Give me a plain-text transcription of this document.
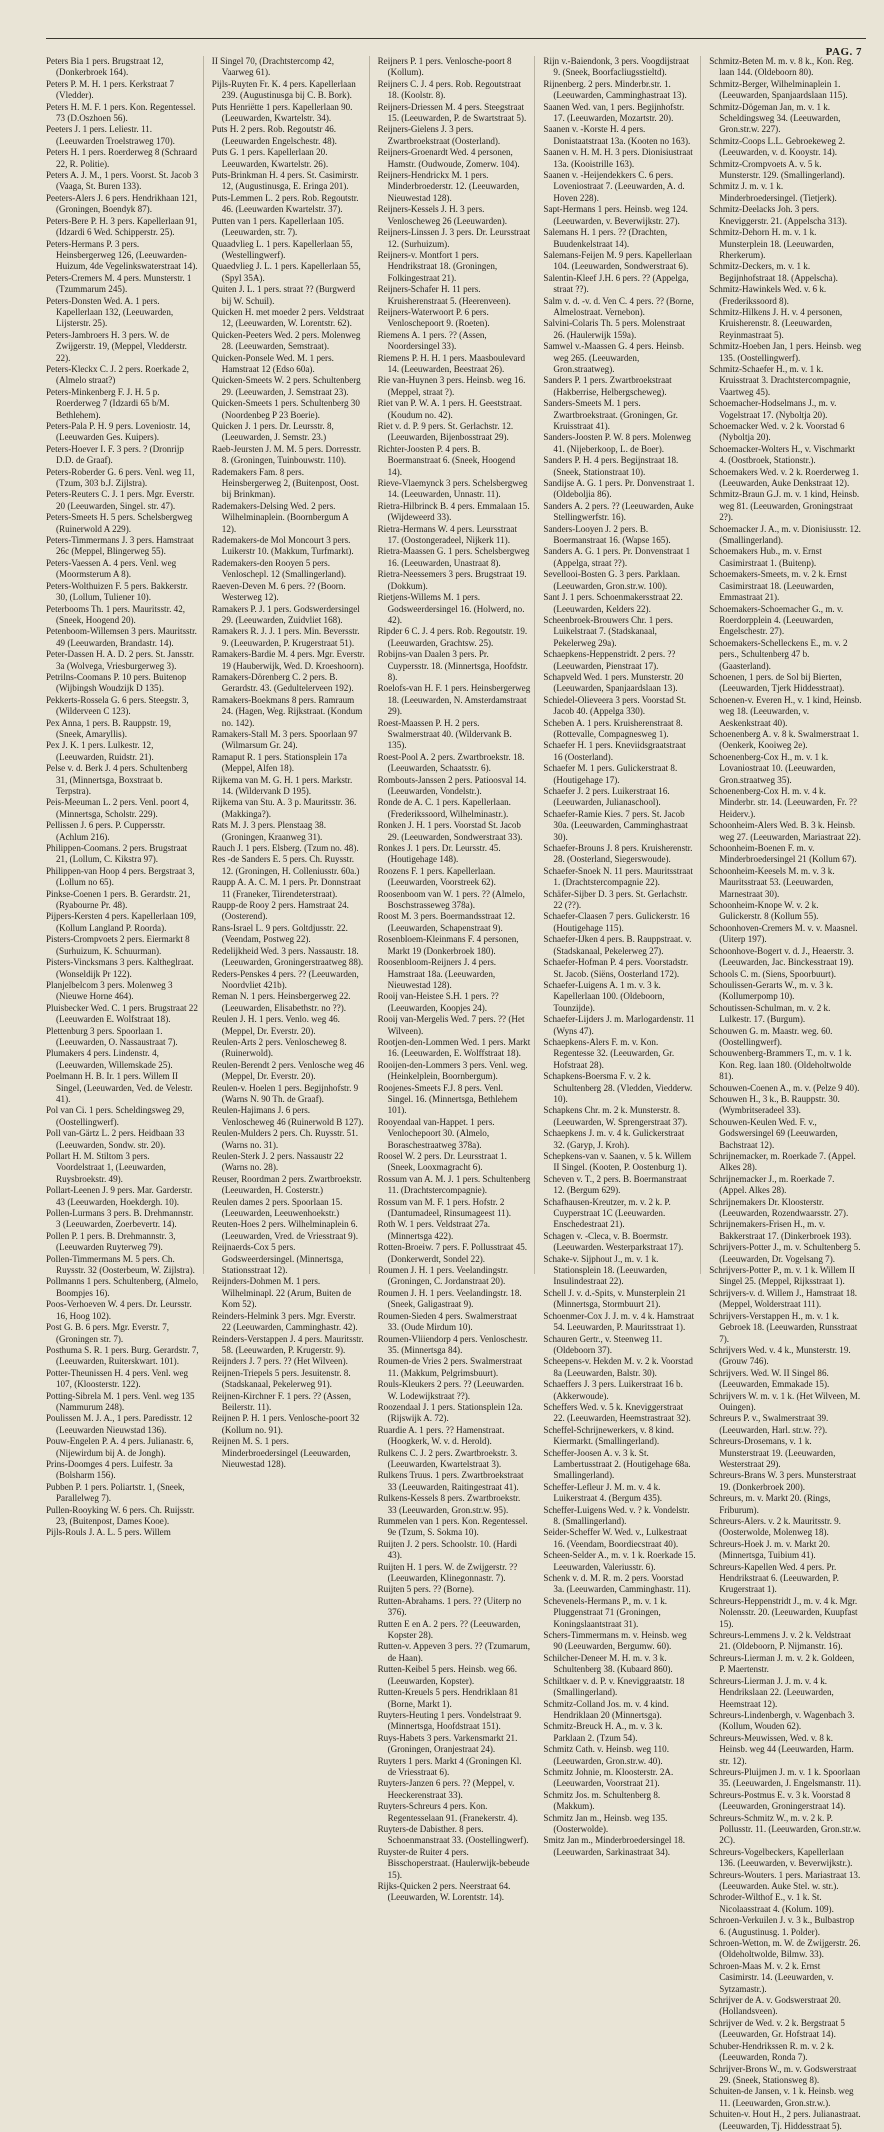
PAG. 7

Peters Bia 1 pers. Brugstraat 12, (Donkerbroek 164).

Peters P. M. H. 1 pers. Kerkstraat 7 (Vledder).

Peters H. M. F. 1 pers. Kon. Regentessel. 73 (D.Oszhoen 56).

Peeters J. 1 pers. Leliestr. 11. (Leeuwarden Troelstraweg 170).

Peters H. 1 pers. Roerderweg 8 (Schraard 22, R. Politie).

Peters A. J. M., 1 pers. Voorst. St. Jacob 3 (Vaaga, St. Buren 133).

Peeters-Alers J. 6 pers. Hendrikhaan 121, (Groningen, Boendyk 87).

Peters-Bere P. H. 3 pers. Kapellerlaan 91, (Idzardi 6 Wed. Schipperstr. 25).

Peters-Hermans P. 3 pers. Heinsbergerweg 126, (Leeuwarden-Huizum, 4de Vegelinkswaterstraat 14).

Peters-Cremers M. 4 pers. Munsterstr. 1 (Tzummarum 245).

Peters-Donsten Wed. A. 1 pers. Kapellerlaan 132, (Leeuwarden, Lijsterstr. 25).

Peters-Jambroers H. 3 pers. W. de Zwijgerstr. 19, (Meppel, Vledderstr. 22).

Peters-Kleckx C. J. 2 pers. Roerkade 2, (Almelo straat?)

Peters-Minkenberg F. J. H. 5 p. Roerderweg 7 (Idzardi 65 b/M. Bethlehem).

Peters-Pala P. H. 9 pers. Loveniostr. 14, (Leeuwarden Ges. Kuipers).

Peters-Hoever I. F. 3 pers. ? (Dronrijp D.D. de Graaf).

Peters-Roberder G. 6 pers. Venl. weg 11, (Tzum, 303 b.J. Zijlstra).

Peters-Reuters C. J. 1 pers. Mgr. Everstr. 20 (Leeuwarden, Singel. str. 47).

Peters-Smeets H. 5 pers. Schelsbergweg (Ruinerwold A 229).

Peters-Timmermans J. 3 pers. Hamstraat 26c (Meppel, Blingerweg 55).

Peters-Vaessen A. 4 pers. Venl. weg (Moormsterum A 8).

Peters-Wolthuizen F. 5 pers. Bakkerstr. 30, (Lollum, Tuliener 10).

Peterbooms Th. 1 pers. Mauritsstr. 42, (Sneek, Hoogend 20).

Petenboom-Willemsen 3 pers. Mauritsstr. 49 (Leeuwarden, Brandastr. 14).

Peter-Dassen H. A. D. 2 pers. St. Jansstr. 3a (Wolvega, Vriesburgerweg 3).

Petrilns-Coomans P. 10 pers. Buitenop (Wijbingsh Woudzijk D 135).

Pekkerts-Rossela G. 6 pers. Steegstr. 3, (Wilderveen C 123).

Pex Anna, 1 pers. B. Rauppstr. 19, (Sneek, Amaryllis).

Pex J. K. 1 pers. Lulkestr. 12, (Leeuwarden, Ruidstr. 21).

Pelse v. d. Berk J. 4 pers. Schultenberg 31, (Minnertsga, Boxstraat b. Terpstra).

Peis-Meeuman L. 2 pers. Venl. poort 4, (Minnertsga, Scholstr. 229).

Pellissen J. 6 pers. P. Cuppersstr. (Achlum 216).

Philippen-Coomans. 2 pers. Brugstraat 21, (Lollum, C. Kikstra 97).

Philippen-van Hoop 4 pers. Bergstraat 3, (Lollum no 65).

Pinkse-Coenen 1 pers. B. Gerardstr. 21, (Ryabourne Pr. 48).

Pijpers-Kersten 4 pers. Kapellerlaan 109, (Kollum Langland P. Roorda).

Pisters-Crompvoets 2 pers. Eiermarkt 8 (Surhuizum, K. Schuurman).

Pisters-Vincksmans 3 pers. Kaltheglraat. (Wonseldijk Pr 122).

Planjelbelcom 3 pers. Molenweg 3 (Nieuwe Horne 464).

Pluisbecker Wed. C. 1 pers. Brugstraat 22 (Leeuwarden E. Wolfstraat 18).

Plettenburg 3 pers. Spoorlaan 1. (Leeuwarden, O. Nassaustraat 7).

Plumakers 4 pers. Lindenstr. 4, (Leeuwarden, Willemskade 25).

Poelmann H. B. Ir. 1 pers. Willem II Singel, (Leeuwarden, Ved. de Velestr. 41).

Pol van Ci. 1 pers. Scheldingsweg 29, (Oostellingwerf).

Poll van-Gärtz L. 2 pers. Heidbaan 33 (Leeuwarden, Sondw. str. 20).

Pollart H. M. Stiltom 3 pers. Voordelstraat 1, (Leeuwarden, Ruysbroekstr. 49).

Pollart-Leenen J. 9 pers. Mar. Garderstr. 43 (Leeuwarden, Hoekdergh. 10).

Pollen-Lurmans 3 pers. B. Drehmannstr. 3 (Leeuwarden, Zoerbevertr. 14).

Pollen P. 1 pers. B. Drehmannstr. 3, (Leeuwarden Ruyterweg 79).

Pollen-Timmermans M. 5 pers. Ch. Ruysstr. 32 (Oosterbeum, W. Zijlstra).

Pollmanns 1 pers. Schultenberg, (Almelo, Boompjes 16).

Poos-Verhoeven W. 4 pers. Dr. Leursstr. 16, Hoog 102).

Post G. B. 6 pers. Mgr. Everstr. 7, (Groningen str. 7).

Posthuma S. R. 1 pers. Burg. Gerardstr. 7, (Leeuwarden, Ruiterskwart. 101).

Potter-Theunissen H. 4 pers. Venl. weg 107, (Kloosterstr. 122).

Potting-Sibrela M. 1 pers. Venl. weg 135 (Nammurum 248).

Poulissen M. J. A., 1 pers. Paredisstr. 12 (Leeuwarden Nieuwstad 136).

Pouw-Engelen P. A. 4 pers. Julianastr. 6, (Nijewirdum bij A. de Jongh).

Prins-Doomges 4 pers. Luifestr. 3a (Bolsharm 156).

Pubben P. 1 pers. Poliartstr. 1, (Sneek, Parallelweg 7).

Pullen-Rooyking W. 6 pers. Ch. Ruijsstr. 23, (Buitenpost, Dames Kooe).

Pijls-Rouls J. A. L. 5 pers. Willem

II Singel 70, (Drachtstercomp 42, Vaarweg 61).

Pijls-Ruyten Fr. K. 4 pers. Kapellerlaan 239. (Augustinusga bij C. B. Bork).

Puts Henriëtte 1 pers. Kapellerlaan 90. (Leeuwarden, Kwartelstr. 34).

Puts H. 2 pers. Rob. Regoutstr 46. (Leeuwarden Engelschestr. 48).

Puts G. 1 pers. Kapellerlaan 20. Leeuwarden, Kwartelstr. 26).

Puts-Brinkman H. 4 pers. St. Casimirstr. 12, (Augustinusga, E. Eringa 201).

Puts-Lemmen L. 2 pers. Rob. Regoutstr. 46. (Leeuwarden Kwartelstr. 37).

Putten van 1 pers. Kapellerlaan 105. (Leeuwarden, str. 7).

Quaadvlieg L. 1 pers. Kapellerlaan 55, (Westellingwerf).

Quaedvlieg J. L. 1 pers. Kapellerlaan 55, (Spyl 35A).

Quiten J. L. 1 pers. straat ?? (Burgwerd bij W. Schuil).

Quicken H. met moeder 2 pers. Veldstraat 12, (Leeuwarden, W. Lorentstr. 62).

Quicken-Peeters Wed. 2 pers. Molenweg 28. (Leeuwarden, Semstraat).

Quicken-Ponsele Wed. M. 1 pers. Hamstraat 12 (Edso 60a).

Quicken-Smeets W. 2 pers. Schultenberg 29. (Leeuwarden, J. Semstraat 23).

Quicken-Smeets 1 pers. Schultenberg 30 (Noordenbeg P 23 Boerie).

Quicken J. 1 pers. Dr. Leursstr. 8, (Leeuwarden, J. Semstr. 23.)

Raeb-Jeursten J. M. M. 5 pers. Dorresstr. 8. (Groningen, Tuinbouwstr. 110).

Rademakers Fam. 8 pers. Heinsbergerweg 2, (Buitenpost, Oost. bij Brinkman).

Rademakers-Delsing Wed. 2 pers. Wilhelminaplein. (Boornbergum A 12).

Rademakers-de Mol Moncourt 3 pers. Luikerstr 10. (Makkum, Turfmarkt).

Rademakers-den Rooyen 5 pers. Venloschepl. 12 (Smallingerland).

Raeven-Deven M. 6 pers. ?? (Boorn. Westerweg 12).

Ramakers P. J. 1 pers. Godswerdersingel 29. (Leeuwarden, Zuidvliet 168).

Ramakers R. J. J. 1 pers. Min. Beversstr. 9. (Leeuwarden, P. Krugerstraat 51).

Ramakers-Bardie M. 4 pers. Mgr. Everstr. 19 (Hauberwijk, Wed. D. Kroeshoorn).

Ramakers-Dörenberg C. 2 pers. B. Gerardstr. 43. (Gedultelerveen 192).

Ramakers-Boekmans 8 pers. Ramraum 24. (Hagen, Weg. Rijkstraat. (Kondum no. 142).

Ramakers-Stall M. 3 pers. Spoorlaan 97 (Wilmarsum Gr. 24).

Ramaput R. 1 pers. Stationsplein 17a (Meppel, Alfen 18).

Rijkema van M. G. H. 1 pers. Markstr. 14. (Wildervank D 195).

Rijkema van Stu. A. 3 p. Mauritsstr. 36. (Makkinga?).

Rats M. J. 3 pers. Plenstaag 38. (Groningen, Kraanweg 31).

Rauch J. 1 pers. Elsberg. (Tzum no. 48).

Res -de Sanders E. 5 pers. Ch. Ruysstr. 12. (Groningen, H. Colleniusstr. 60a.)

Raupp A. A. C. M. 1 pers. Pr. Donnstraat 11 (Franeker, Tiirendeterstraat).

Raupp-de Rooy 2 pers. Hamstraat 24. (Oosterend).

Rans-Israel L. 9 pers. Goltdjusstr. 22. (Veendam, Postweg 22).

Redelijkheid Wed. 3 pers. Nassaustr. 18. (Leeuwarden, Groningerstraatweg 88).

Reders-Penskes 4 pers. ?? (Leeuwarden, Noordvliet 421b).

Reman N. 1 pers. Heinsbergerweg 22. (Leeuwarden, Elisabethstr. no ??).

Reulen J. H. 1 pers. Venlo. weg 46. (Meppel, Dr. Everstr. 20).

Reulen-Arts 2 pers. Venloscheweg 8. (Ruinerwold).

Reulen-Berendt 2 pers. Venlosche weg 46 (Meppel, Dr. Everstr. 20).

Reulen-v. Hoelen 1 pers. Begijnhofstr. 9 (Warns N. 90 Th. de Graaf).

Reulen-Hajimans J. 6 pers. Venloscheweg 46 (Ruinerwold B 127).

Reulen-Mulders 2 pers. Ch. Ruysstr. 51. (Warns no. 31).

Reulen-Sterk J. 2 pers. Nassaustr 22 (Warns no. 28).

Reuser, Roordman 2 pers. Zwartbroekstr. (Leeuwarden, H. Costerstr.)

Reulen dames 2 pers. Spoorlaan 15. (Leeuwarden, Leeuwenhoekstr.)

Reuten-Hoes 2 pers. Wilhelminaplein 6. (Leeuwarden, Vred. de Vriesstraat 9).

Reijnaerds-Cox 5 pers. Godsweerdersingel. (Minnertsga, Stationsstraat 12).

Reijnders-Dohmen M. 1 pers. Wilhelminapl. 22 (Arum, Buiten de Kom 52).

Reinders-Helmink 3 pers. Mgr. Everstr. 22 (Leeuwarden, Camminghastr. 42).

Reinders-Verstappen J. 4 pers. Mauritsstr. 58. (Leeuwarden, P. Krugerstr. 9).

Reijnders J. 7 pers. ?? (Het Wilveen).

Reijnen-Triepels 5 pers. Jesuitenstr. 8. (Stadskanaal, Pekelerweg 91).

Reijnen-Kirchner F. 1 pers. ?? (Assen, Beilerstr. 11).

Reijnen P. H. 1 pers. Venlosche-poort 32 (Kollum no. 91).

Reijnen M. S. 1 pers. Minderbroedersingel (Leeuwarden, Nieuwestad 128).

Reijners P. 1 pers. Venlosche-poort 8 (Kollum).

Reijners C. J. 4 pers. Rob. Regoutstraat 18. (Koolstr. 8).

Reijners-Driessen M. 4 pers. Steegstraat 15. (Leeuwarden, P. de Swartstraat 5).

Reijners-Gielens J. 3 pers. Zwartbroekstraat (Oosterland).

Reijners-Groenardt Wed. 4 personen, Hamstr. (Oudwoude, Zomerw. 104).

Reijners-Hendrickx M. 1 pers. Minderbroederstr. 12. (Leeuwarden, Nieuwestad 128).

Reijners-Kessels J. H. 3 pers. Venloscheweg 26 (Leeuwarden).

Reijners-Linssen J. 3 pers. Dr. Leursstraat 12. (Surhuizum).

Reijners-v. Montfort 1 pers. Hendrikstraat 18. (Groningen, Folkingestraat 21).

Reijners-Schafer H. 11 pers. Kruisherenstraat 5. (Heerenveen).

Reijners-Waterwoort P. 6 pers. Venloschepoort 9. (Roeten).

Riemens A. 1 pers. ?? (Assen, Noordersingel 33).

Riemens P. H. H. 1 pers. Maasboulevard 14. (Leeuwarden, Beestraat 26).

Rie van-Huynen 3 pers. Heinsb. weg 16. (Meppel, straat ?).

Riet van P. W. A. 1 pers. H. Geeststraat. (Koudum no. 42).

Riet v. d. P. 9 pers. St. Gerlachstr. 12. (Leeuwarden, Bijenbosstraat 29).

Richter-Joosten P. 4 pers. B. Boermanstraat 6. (Sneek, Hoogend 14).

Rieve-Vlaemynck 3 pers. Schelsbergweg 14. (Leeuwarden, Unnastr. 11).

Rietra-Hilbrinck B. 4 pers. Emmalaan 15. (Wijdeweerd 33).

Rietra-Hermans W. 4 pers. Leursstraat 17. (Oostongeradeel, Nijkerk 11).

Rietra-Maassen G. 1 pers. Schelsbergweg 16. (Leeuwarden, Unastraat 8).

Rietra-Neessemers 3 pers. Brugstraat 19. (Dokkum).

Rietjens-Willems M. 1 pers. Godsweerdersingel 16. (Holwerd, no. 42).

Ripder 6 C. J. 4 pers. Rob. Regoutstr. 19. (Leeuwarden, Grachtsw. 25).

Robijns-van Daalen 3 pers. Pr. Cuypersstr. 18. (Minnertsga, Hoofdstr. 8).

Roelofs-van H. F. 1 pers. Heinsbergerweg 18. (Leeuwarden, N. Amsterdamstraat 29).

Roest-Maassen P. H. 2 pers. Swalmerstraat 40. (Wildervank B. 135).

Roest-Pool A. 2 pers. Zwartbroekstr. 18. (Leeuwarden, Schaatsstr. 6).

Rombouts-Janssen 2 pers. Patioosval 14. (Leeuwarden, Vondelstr.).

Ronde de A. C. 1 pers. Kapellerlaan. (Frederikssoord, Wilhelminastr.).

Ronken J. H. 1 pers. Voorstad St. Jacob 29. (Leeuwarden, Sondwerstraat 33).

Ronkes J. 1 pers. Dr. Leursstr. 45. (Houtigehage 148).

Roozens F. 1 pers. Kapellerlaan. (Leeuwarden, Voorstreek 62).

Roosenboom van W. 1 pers. ?? (Almelo, Boschstrasseweg 378a).

Roost M. 3 pers. Boermandsstraat 12. (Leeuwarden, Schapenstraat 9).

Rosenbloem-Kleinmans F. 4 personen, Markt 19 (Donkerbroek 180).

Roosenbloom-Reijners J. 4 pers. Hamstraat 18a. (Leeuwarden, Nieuwestad 128).

Rooij van-Heistee S.H. 1 pers. ?? (Leeuwarden, Koopjes 24).

Rooij van-Mergelis Wed. 7 pers. ?? (Het Wilveen).

Rootjen-den-Lommen Wed. 1 pers. Markt 16. (Leeuwarden, E. Wolffstraat 18).

Rooijen-den-Lommers 3 pers. Venl. weg. (Heinkelplein, Boornbergum).

Roojenes-Smeets F.J. 8 pers. Venl. Singel. 16. (Minnertsga, Bethlehem 101).

Rooyendaal van-Happet. 1 pers. Venlochepoort 30. (Almelo, Boraschestraatweg 378a).

Roosel W. 2 pers. Dr. Leursstraat 1. (Sneek, Looxmagracht 6).

Rossum van A. M. J. 1 pers. Schultenberg 11. (Drachtstercompagnie).

Rossum van M. F. 1 pers. Hofstr. 2 (Dantumadeel, Rinsumageest 11).

Roth W. 1 pers. Veldstraat 27a. (Minnertsga 422).

Rotten-Broeiw. 7 pers. F. Pollusstraat 45. (Donkerwerdt, Sondel 22).

Roumen J. H. 1 pers. Veelandingstr. (Groningen, C. Jordanstraat 20).

Roumen J. H. 1 pers. Veelandingstr. 18. (Sneek, Galigastraat 9).

Roumen-Sieden 4 pers. Swalmerstraat 33. (Oude Mirdum 10).

Roumen-Vliiendorp 4 pers. Venloschestr. 35. (Minnertsga 84).

Roumen-de Vries 2 pers. Swalmerstraat 11. (Makkum, Pelgrimsbuurt).

Rouls-Kleukers 2 pers. ?? (Leeuwarden. W. Lodewijkstraat ??).

Roozendaal J. 1 pers. Stationsplein 12a. (Rijswijk A. 72).

Ruardie A. 1 pers. ?? Hamenstraat. (Hoogkerk, W. v. d. Herold).

Rulkens C. J. 2 pers. Zwartbroekstr. 3. (Leeuwarden, Kwartelstraat 3).

Rulkens Truus. 1 pers. Zwartbroekstraat 33 (Leeuwarden, Raitingestraat 41).

Rulkens-Kessels 8 pers. Zwartbroekstr. 33 (Leeuwarden, Gron.str.w. 95).

Rummelen van 1 pers. Kon. Regentessel. 9e (Tzum, S. Sokma 10).

Ruijten J. 2 pers. Schoolstr. 10. (Hardi 43).

Ruijten H. 1 pers. W. de Zwijgerstr. ?? (Leeuwarden, Klinegonnastr. 7).

Ruijten 5 pers. ?? (Borne).

Rutten-Abrahams. 1 pers. ?? (Uiterp no 376).

Rutten E en A. 2 pers. ?? (Leeuwarden, Kopster 28).

Rutten-v. Appeven 3 pers. ?? (Tzumarum, de Haan).

Rutten-Keibel 5 pers. Heinsb. weg 66. (Leeuwarden, Kopster).

Rutten-Kreuels 5 pers. Hendriklaan 81 (Borne, Markt 1).

Ruyters-Heuting 1 pers. Vondelstraat 9. (Minnertsga, Hoofdstraat 151).

Ruys-Habets 3 pers. Varkensmarkt 21. (Groningen, Oranjestraat 24).

Ruyters 1 pers. Markt 4 (Groningen Kl. de Vriesstraat 6).

Ruyters-Janzen 6 pers. ?? (Meppel, v. Heeckerenstraat 33).

Ruyters-Schreurs 4 pers. Kon. Regentesselaan 91. (Franekerstr. 4).

Ruyters-de Dabisther. 8 pers. Schoenmanstraat 33. (Oostellingwerf).

Ruyster-de Ruiter 4 pers. Bisschoperstraat. (Haulerwijk-bebeude 15).

Rijks-Quicken 2 pers. Neerstraat 64. (Leeuwarden, W. Lorentstr. 14).

Rijn v.-Baiendonk, 3 pers. Voogdijstraat 9. (Sneek, Boorfacliugsstieltd).

Rijnenberg. 2 pers. Minderbr.str. 1. (Leeuwarden, Camminghastraat 13).

Saanen Wed. van, 1 pers. Begijnhofstr. 17. (Leeuwarden, Mozartstr. 20).

Saanen v. -Korste H. 4 pers. Donistaatstraat 13a. (Kooten no 163).

Saanen v. H. M. H. 3 pers. Dionisiustraat 13a. (Kooistrille 163).

Saanen v. -Heijendekkers C. 6 pers. Loveniostraat 7. (Leeuwarden, A. d. Hoven 228).

Sapt-Hermans 1 pers. Heinsb. weg 124. (Leeuwarden, v. Beverwijkstr. 27).

Salemans H. 1 pers. ?? (Drachten, Buudenkelstraat 14).

Salemans-Feijen M. 9 pers. Kapellerlaan 104. (Leeuwarden, Sondwerstraat 6).

Salentin-Kleef J.H. 6 pers. ?? (Appelga, straat ??).

Salm v. d. -v. d. Ven C. 4 pers. ?? (Borne, Almelostraat. Vernebon).

Salvini-Colaris Th. 5 pers. Molenstraat 26. (Haulerwijk 159a).

Samwel v.-Maassen G. 4 pers. Heinsb. weg 265. (Leeuwarden, Gron.straatweg).

Sanders P. 1 pers. Zwartbroekstraat (Hakberrise, Helbergscheweg).

Sanders-Smeets M. 1 pers. Zwartbroekstraat. (Groningen, Gr. Kruisstraat 41).

Sanders-Joosten P. W. 8 pers. Molenweg 41. (Nijeberkoop, L. de Boer).

Sanders P. H. 4 pers. Begijnstraat 18. (Sneek, Stationstraat 10).

Sandijse A. G. 1 pers. Pr. Donvenstraat 1. (Oldeboljia 86).

Sanders A. 2 pers. ?? (Leeuwarden, Auke Stellingwerfstr. 16).

Sanders-Looyen J. 2 pers. B. Boermanstraat 16. (Wapse 165).

Sanders A. G. 1 pers. Pr. Donvenstraat 1 (Appelga, straat ??).

Sevellooi-Bosten G. 3 pers. Parklaan. (Leeuwarden, Gron.str.w. 100).

Sant J. 1 pers. Schoenmakersstraat 22. (Leeuwarden, Kelders 22).

Scheenbroek-Brouwers Chr. 1 pers. Luikelstraat 7. (Stadskanaal, Pekelerweg 29a).

Schaepkens-Heppenstridt. 2 pers. ?? (Leeuwarden, Pienstraat 17).

Schapveld Wed. 1 pers. Munsterstr. 20 (Leeuwarden, Spanjaardslaan 13).

Schiedel-Olieveera 3 pers. Voorstad St. Jacob 40. (Appelga 330).

Scheben A. 1 pers. Kruisherenstraat 8. (Rottevalle, Compagnesweg 1).

Schaefer H. 1 pers. Kneviidsgraatstraat 16 (Oosterland).

Schaefer M. 1 pers. Gulickerstraat 8. (Houtigehage 17).

Schaefer J. 2 pers. Luikerstraat 16. (Leeuwarden, Julianaschool).

Schaefer-Ramie Kies. 7 pers. St. Jacob 30a. (Leeuwarden, Camminghastraat 30).

Schaefer-Brouns J. 8 pers. Kruisherenstr. 28. (Oosterland, Siegerswoude).

Schaefer-Snoek N. 11 pers. Mauritsstraat 1. (Drachtstercompagnie 22).

Schäfer-Sijber D. 3 pers. St. Gerlachstr. 22 (??).

Schaefer-Claasen 7 pers. Gulickerstr. 16 (Houtigehage 115).

Schaefer-IJken 4 pers. B. Rauppstraat. v. (Stadskanaal, Pekelerweg 27).

Schaefer-Hofman P. 4 pers. Voorstadstr. St. Jacob. (Siëns, Oosterland 172).

Schaefer-Luigens A. 1 m. v. 3 k. Kapellerlaan 100. (Oldeboorn, Tounzijde).

Schaefer-Lijders J. m. Marlogardenstr. 11 (Wyns 47).

Schaepkens-Alers F. m. v. Kon. Regentesse 32. (Leeuwarden, Gr. Hofstraat 28).

Schapkens-Boersma F. v. 2 k. Schultenberg 28. (Vledden, Viedderw. 10).

Schapkens Chr. m. 2 k. Munsterstr. 8. (Leeuwarden, W. Sprengerstraat 37).

Schaepkens J. m. v. 4 k. Gulickerstraat 32. (Garyp, J. Kroh).

Schepkens-van v. Saanen, v. 5 k. Willem II Singel. (Kooten, P. Oostenburg 1).

Scheven v. T., 2 pers. B. Boermanstraat 12. (Bergum 629).

Schafhausen-Kreutzer, m. v. 2 k. P. Cuyperstraat 1C (Leeuwarden. Enschedestraat 21).

Schagen v. -Cleca, v. B. Boermstr. (Leeuwarden. Westerparkstraat 17).

Schake-v. Sijphout J., m. v. 1 k. Stationsplein 18. (Leeuwarden, Insulindestraat 22).

Schell J. v. d.-Spits, v. Munsterplein 21 (Minnertsga, Stormbuurt 21).

Schoenmer-Cox J. J. m. v. 4 k. Hamstraat 54. Leeuwarden, P. Mauritsstraat 1).

Schauren Gertr., v. Steenweg 11. (Oldeboorn 37).

Scheepens-v. Hekden M. v. 2 k. Voorstad 8a (Leeuwarden, Balstr. 30).

Schaeffers J. 3 pers. Luikerstraat 16 b. (Akkerwoude).

Scheffers Wed. v. 5 k. Kneviggerstraat 22. (Leeuwarden, Heemstrastraat 32).

Scheffel-Schrijnewerkers, v. 8 kind. Kiermarkt. (Smallingerland).

Scheffer-Joosen A. v. 3 k. St. Lambertusstraat 2. (Houtigehage 68a. Smallingerland).

Scheffer-Lefleur J. M. m. v. 4 k. Luikerstraat 4. (Bergum 435).

Scheffer-Luigens Wed. v. ? k. Vondelstr. 8. (Smallingerland).

Seider-Scheffer W. Wed. v., Lulkestraat 16. (Veendam, Boordiecstraat 40).

Scheen-Selder A., m. v. 1 k. Roerkade 15. Leeuwarden, Valeriusstr. 6).

Schenk v. d. M. R. m. 2 pers. Voorstad 3a. (Leeuwarden, Camminghastr. 11).

Schevenels-Hermans P., m. v. 1 k. Pluggenstraat 71 (Groningen, Koningslaantstraat 31).

Schers-Timmermans m. v. Heinsb. weg 90 (Leeuwarden, Bergumw. 60).

Schilcher-Deneer M. H. m. v. 3 k. Schultenberg 38. (Kubaard 860).

Schiltkaer v. d. P. v. Kneviggraatstr. 18 (Smallingerland).

Schmitz-Colland Jos. m. v. 4 kind. Hendriklaan 20 (Minnertsga).

Schmitz-Breuck H. A., m. v. 3 k. Parklaan 2. (Tzum 54).

Schmitz Cath. v. Heinsb. weg 110. (Leeuwarden, Gron.str.w. 40).

Schmitz Johnie, m. Kloosterstr. 2A. (Leeuwarden, Voorstraat 21).

Schmitz Jos. m. Schultenberg 8. (Makkum).

Schmitz Jan m., Heinsb. weg 135. (Oosterwolde).

Smitz Jan m., Minderbroedersingel 18. (Leeuwarden, Sarkinastraat 34).

Schmitz-Beten M. m. v. 8 k., Kon. Reg. laan 144. (Oldeboorn 80).

Schmitz-Berger, Wilhelminaplein 1. (Leeuwarden, Spanjaardslaan 115).

Schmitz-Dögeman Jan, m. v. 1 k. Scheldingsweg 34. (Leeuwarden, Gron.str.w. 227).

Schmitz-Coops L.L. Gebroekeweg 2. (Leeuwarden, v. d. Kooystr. 14).

Schmitz-Crompvoets A. v. 5 k. Munsterstr. 129. (Smallingerland).

Schmitz J. m. v. 1 k. Minderbroedersingel. (Tietjerk).

Schmitz-Deelacks Joh. 3 pers. Kneviggerstr. 21. (Appelscha 313).

Schmitz-Dehorn H. m. v. 1 k. Munsterplein 18. (Leeuwarden, Rherkerum).

Schmitz-Deckers, m. v. 1 k. Begijnhofstraat 18. (Appelscha).

Schmitz-Hawinkels Wed. v. 6 k. (Frederikssoord 8).

Schmitz-Hilkens J. H. v. 4 personen, Kruisherenstr. 8. (Leeuwarden, Reyinmastraat 5).

Schmitz-Hoeben Jan, 1 pers. Heinsb. weg 135. (Oostellingwerf).

Schmitz-Schaefer H., m. v. 1 k. Kruisstraat 3. Drachtstercompagnie, Vaartweg 45).

Schoemacher-Hodselmans J., m. v. Vogelstraat 17. (Nyboltja 20).

Schoemacker Wed. v. 2 k. Voorstad 6 (Nyboltja 20).

Schoemacker-Wolters H., v. Vischmarkt 4. (Oostbroek, Stationstr.).

Schoemakers Wed. v. 2 k. Roerderweg 1. (Leeuwarden, Auke Denkstraat 12).

Schmitz-Braun G.J. m. v. 1 kind, Heinsb. weg 81. (Leeuwarden, Groningstraat 2?).

Schoemacker J. A., m. v. Dionisiusstr. 12. (Smallingerland).

Schoemakers Hub., m. v. Ernst Casimirstraat 1. (Buitenp).

Schoemakers-Smeets, m. v. 2 k. Ernst Casimirstraat 18. (Leeuwarden, Emmastraat 21).

Schoemakers-Schoemacher G., m. v. Roerdorpplein 4. (Leeuwarden, Engelschestr. 27).

Schoemakers-Schelleckens E., m. v. 2 pers., Schultenberg 47 b. (Gaasterland).

Schoenen, 1 pers. de Sol bij Bierten, (Leeuwarden, Tjerk Hiddesstraat).

Schoenen-v. Everen H., v. 1 kind, Heinsb. weg 18. (Leeuwarden, v. Aeskenkstraat 40).

Schoenenberg A. v. 8 k. Swalmerstraat 1. (Oenkerk, Kooiweg 2e).

Schoenenberg-Cox H., m. v. 1 k. Lovaniostraat 10. (Leeuwarden, Gron.straatweg 35).

Schoenenberg-Cox H. m. v. 4 k. Minderbr. str. 14. (Leeuwarden, Fr. ?? Heiderv.).

Schoonheim-Alers Wed. B. 3 k. Heinsb. weg 27. (Leeuwarden, Mariastraat 22).

Schoonheim-Boenen F. m. v. Minderbroedersingel 21 (Kollum 67).

Schoonheim-Keesels M. m. v. 3 k. Mauritsstraat 53. (Leeuwarden, Marnestraat 30).

Schoonheim-Knope W. v. 2 k. Gulickerstr. 8 (Kollum 55).

Schoonhoven-Cremers M. v. v. Maasnel. (Uiterp 197).

Schoonhove-Bogert v. d. J., Heaerstr. 3. (Leeuwarden, Jac. Binckesstraat 19).

Schools C. m. (Siens, Spoorbuurt).

Schoulissen-Gerarts W., m. v. 3 k. (Kollumerpomp 10).

Schoutissen-Schulman, m. v. 2 k. Lulkestr. 17. (Burgum).

Schouwen G. m. Maastr. weg. 60. (Oostellingwerf).

Schouwenberg-Brammers T., m. v. 1 k. Kon. Reg. laan 180. (Oldeholtwolde 81).

Schouwen-Coenen A., m. v. (Pelze 9 40).

Schouwen H., 3 k., B. Rauppstr. 30. (Wymbritseradeel 33).

Schouwen-Keulen Wed. F. v., Godswersingel 69 (Leeuwarden, Bachstraat 12).

Schrijnemacker, m. Roerkade 7. (Appel. Alkes 28).

Schrijnemacker J., m. Roerkade 7. (Appel. Alkes 28).

Schrijnemakers Dr. Kloosterstr. (Leeuwarden, Rozendwaarsstr. 27).

Schrijnemakers-Frisen H., m. v. Bakkerstraat 17. (Dinkerbroek 193).

Schrijvers-Potter J., m. v. Schultenberg 5. (Leeuwarden, Dr. Vogelsang 7).

Schrijvers-Potter P., m. v. 1 k. Willem II Singel 25. (Meppel, Rijksstraat 1).

Schrijvers-v. d. Willem J., Hamstraat 18. (Meppel, Wolderstraat 111).

Schrijvers-Verstappen H., m. v. 1 k. Gebroek 18. (Leeuwarden, Runsstraat 7).

Schrijvers Wed. v. 4 k., Munsterstr. 19. (Grouw 746).

Schrijvers. Wed. W. II Singel 86. (Leeuwarden, Emmakade 15).

Schrijvers W. m. v. 1 k. (Het Wilveen, M. Ouingen).

Schreurs P. v., Swalmerstraat 39. (Leeuwarden, Harl. str.w. ??).

Schreurs-Drosemans, v. 1 k. Munsterstraat 19. (Leeuwarden, Westerstraat 29).

Schreurs-Brans W. 3 pers. Munsterstraat 19. (Donkerbroek 200).

Schreurs, m. v. Markt 20. (Rings, Friburum).

Schreurs-Alers. v. 2 k. Mauritsstr. 9. (Oosterwolde, Molenweg 18).

Schreurs-Hoek J. m. v. Markt 20. (Minnertsga, Tuibium 41).

Schreurs-Kapellen Wed. 4 pers. Pr. Hendrikstraat 6. (Leeuwarden, P. Krugerstraat 1).

Schreurs-Heppenstridt J., m. v. 4 k. Mgr. Nolensstr. 20. (Leeuwarden, Kuupfast 15).

Schreurs-Lemmens J. v. 2 k. Veldstraat 21. (Oldeboorn, P. Nijmanstr. 16).

Schreurs-Lierman J. m. v. 2 k. Goldeen, P. Maertenstr.

Schreurs-Lierman J. J. m. v. 4 k. Hendrikslaan 22. (Leeuwarden, Heemstraat 12).

Schreurs-Lindenbergh, v. Wagenbach 3. (Kollum, Wouden 62).

Schreurs-Meuwissen, Wed. v. 8 k. Heinsb. weg 44 (Leeuwarden, Harm. str. 12).

Schreurs-Pluijmen J. m. v. 1 k. Spoorlaan 35. (Leeuwarden, J. Engelsmanstr. 11).

Schreurs-Postmus E. v. 3 k. Voorstad 8 (Leeuwarden, Groningerstraat 14).

Schreurs-Schmitz W., m. v. 2 k. P. Pollusstr. 11. (Leeuwarden, Gron.str.w. 2C).

Schreurs-Vogelbeckers, Kapellerlaan 136. (Leeuwarden, v. Beverwijkstr.).

Schreurs-Wouters. 1 pers. Mariastraat 13. (Leeuwarden. Auke Stel. w. str.).

Schroder-Wilthof E., v. 1 k. St. Nicolaasstraat 4. (Kolum. 109).

Schroen-Verkuilen J. v. 3 k., Bulbastrop 6. (Augustinusg. 1. Polder).

Schroen-Wetton, m. W. de Zwijgerstr. 26. (Oldeholtwolde, Bilmw. 33).

Schroen-Maas M. v. 2 k. Ernst Casimirstr. 14. (Leeuwarden, v. Sytzamastr.).

Schrijver de A. v. Godswerstraat 20. (Hollandsveen).

Schrijver de Wed. v. 2 k. Bergstraat 5 (Leeuwarden, Gr. Hofstraat 14).

Schuber-Hendrikssen R. m. v. 2 k. (Leeuwarden, Ronda 7).

Schrijver-Brons W., m. v. Godswerstraat 29. (Sneek, Stationsweg 8).

Schuiten-de Jansen, v. 1 k. Heinsb. weg 11. (Leeuwarden, Gron.str.w.).

Schuiten-v. Hout H., 2 pers. Julianastraat. (Leeuwarden, Tj. Hiddesstraat 5).
